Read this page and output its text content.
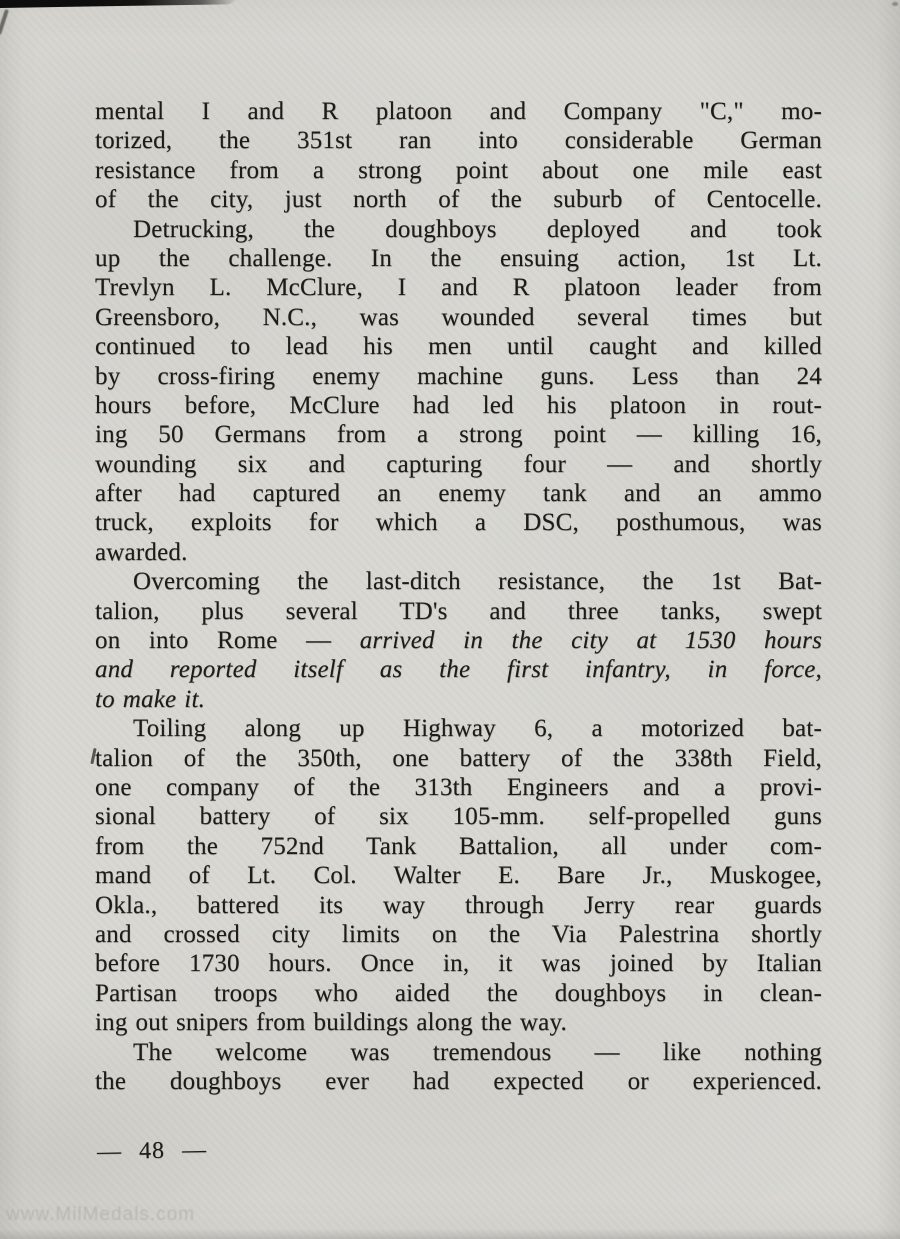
mental I and R platoon and Company "C," mo-
torized, the 351st ran into considerable German
resistance from a strong point about one mile east
of the city, just north of the suburb of Centocelle.
Detrucking, the doughboys deployed and took
up the challenge. In the ensuing action, 1st Lt.
Trevlyn L. McClure, I and R platoon leader from
Greensboro, N.C., was wounded several times but
continued to lead his men until caught and killed
by cross-firing enemy machine guns. Less than 24
hours before, McClure had led his platoon in rout-
ing 50 Germans from a strong point — killing 16,
wounding six and capturing four — and shortly
after had captured an enemy tank and an ammo
truck, exploits for which a DSC, posthumous, was
awarded.
Overcoming the last-ditch resistance, the 1st Bat-
talion, plus several TD's and three tanks, swept
on into Rome — arrived in the city at 1530 hours
and reported itself as the first infantry, in force,
to make it.
Toiling along up Highway 6, a motorized bat-
talion of the 350th, one battery of the 338th Field,
one company of the 313th Engineers and a provi-
sional battery of six 105-mm. self-propelled guns
from the 752nd Tank Battalion, all under com-
mand of Lt. Col. Walter E. Bare Jr., Muskogee,
Okla., battered its way through Jerry rear guards
and crossed city limits on the Via Palestrina shortly
before 1730 hours. Once in, it was joined by Italian
Partisan troops who aided the doughboys in clean-
ing out snipers from buildings along the way.
The welcome was tremendous — like nothing
the doughboys ever had expected or experienced.
— 48 —
www.MilMedals.com
